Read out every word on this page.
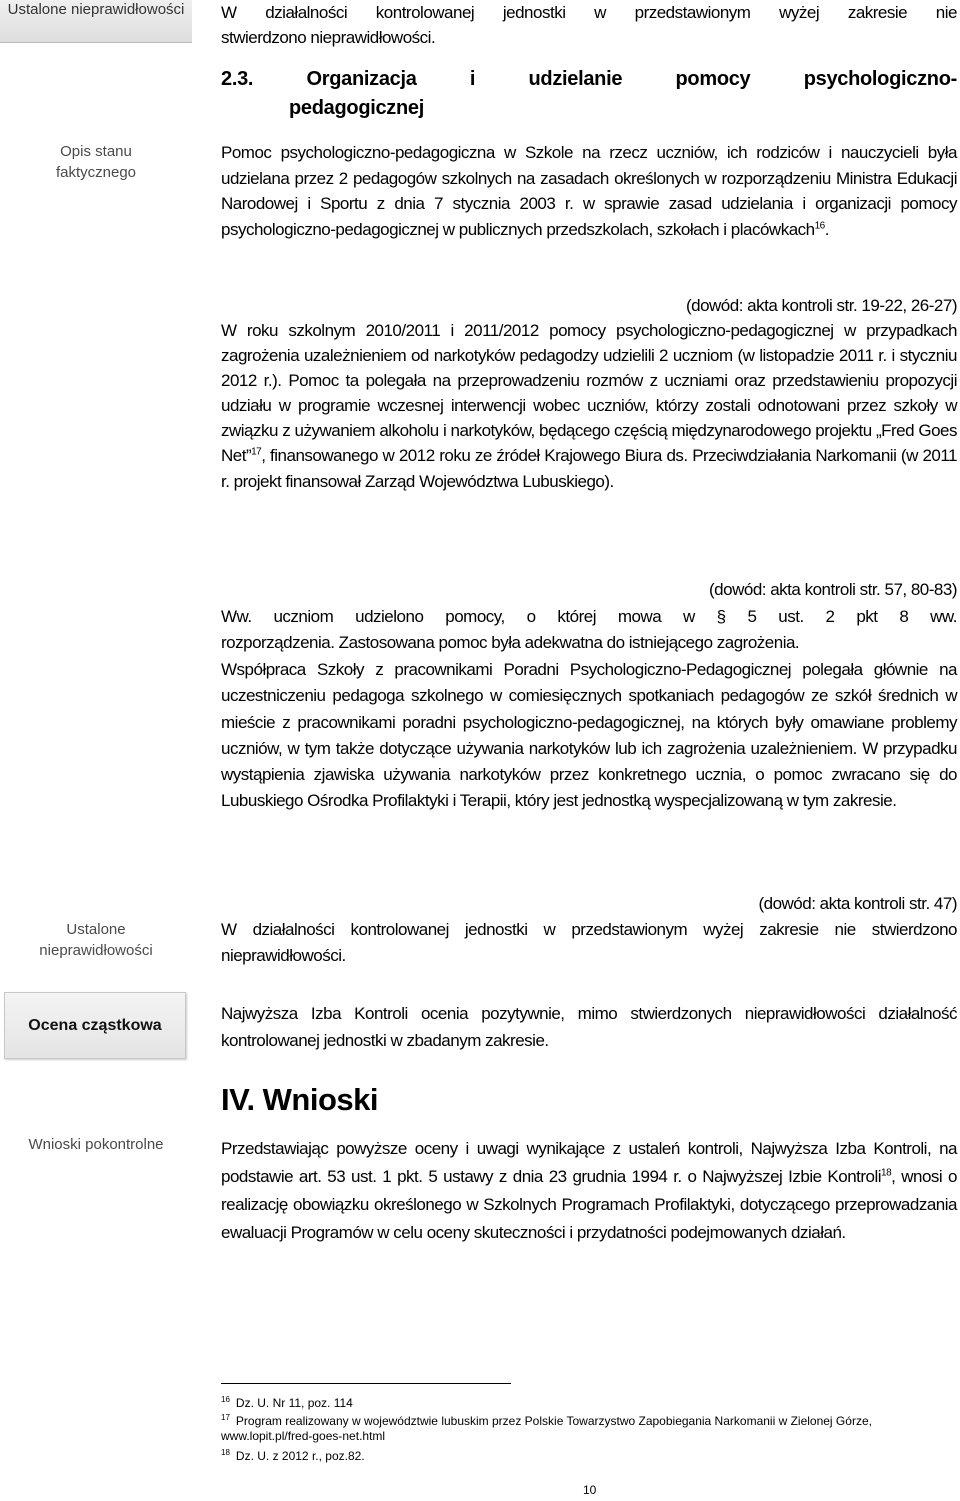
Ustalone nieprawidłowości
Opis stanu faktycznego
Ustalone nieprawidłowości
Ocena cząstkowa
Wnioski pokontrolne
W działalności kontrolowanej jednostki w przedstawionym wyżej zakresie nie
stwierdzono nieprawidłowości.
2.3. Organizacja i udzielanie pomocy psychologiczno-
pedagogicznej
Pomoc psychologiczno-pedagogiczna w Szkole na rzecz uczniów, ich rodziców i nauczycieli była udzielana przez 2 pedagogów szkolnych na zasadach określonych w rozporządzeniu Ministra Edukacji Narodowej i Sportu z dnia 7 stycznia 2003 r. w sprawie zasad udzielania i organizacji pomocy psychologiczno-pedagogicznej w publicznych przedszkolach, szkołach i placówkach$^{16}$.
(dowód: akta kontroli str. 19-22, 26-27)
W roku szkolnym 2010/2011 i 2011/2012 pomocy psychologiczno-pedagogicznej w przypadkach zagrożenia uzależnieniem od narkotyków pedagodzy udzielili 2 uczniom (w listopadzie 2011 r. i styczniu 2012 r.). Pomoc ta polegała na przeprowadzeniu rozmów z uczniami oraz przedstawieniu propozycji udziału w programie wczesnej interwencji wobec uczniów, którzy zostali odnotowani przez szkoły w związku z używaniem alkoholu i narkotyków, będącego częścią międzynarodowego projektu „Fred Goes Net”$^{17}$, finansowanego w 2012 roku ze źródeł Krajowego Biura ds. Przeciwdziałania Narkomanii (w 2011 r. projekt finansował Zarząd Województwa Lubuskiego).
(dowód: akta kontroli str. 57, 80-83)
Ww. uczniom udzielono pomocy, o której mowa w § 5 ust. 2 pkt 8 ww.
rozporządzenia. Zastosowana pomoc była adekwatna do istniejącego zagrożenia.
Współpraca Szkoły z pracownikami Poradni Psychologiczno-Pedagogicznej polegała głównie na uczestniczeniu pedagoga szkolnego w comiesięcznych spotkaniach pedagogów ze szkół średnich w mieście z pracownikami poradni psychologiczno-pedagogicznej, na których były omawiane problemy uczniów, w tym także dotyczące używania narkotyków lub ich zagrożenia uzależnieniem. W przypadku wystąpienia zjawiska używania narkotyków przez konkretnego ucznia, o pomoc zwracano się do Lubuskiego Ośrodka Profilaktyki i Terapii, który jest jednostką wyspecjalizowaną w tym zakresie.
(dowód: akta kontroli str. 47)
W działalności kontrolowanej jednostki w przedstawionym wyżej zakresie nie stwierdzono nieprawidłowości.
Najwyższa Izba Kontroli ocenia pozytywnie, mimo stwierdzonych nieprawidłowości działalność kontrolowanej jednostki w zbadanym zakresie.
IV. Wnioski
Przedstawiając powyższe oceny i uwagi wynikające z ustaleń kontroli, Najwyższa Izba Kontroli, na podstawie art. 53 ust. 1 pkt. 5 ustawy z dnia 23 grudnia 1994 r. o Najwyższej Izbie Kontroli$^{18}$, wnosi o realizację obowiązku określonego w Szkolnych Programach Profilaktyki, dotyczącego przeprowadzania ewaluacji Programów w celu oceny skuteczności i przydatności podejmowanych działań.
$^{16}$ Dz. U. Nr 11, poz. 114
$^{17}$ Program realizowany w województwie lubuskim przez Polskie Towarzystwo Zapobiegania Narkomanii w Zielonej Górze, www.lopit.pl/fred-goes-net.html
$^{18}$ Dz. U. z 2012 r., poz.82.
10
